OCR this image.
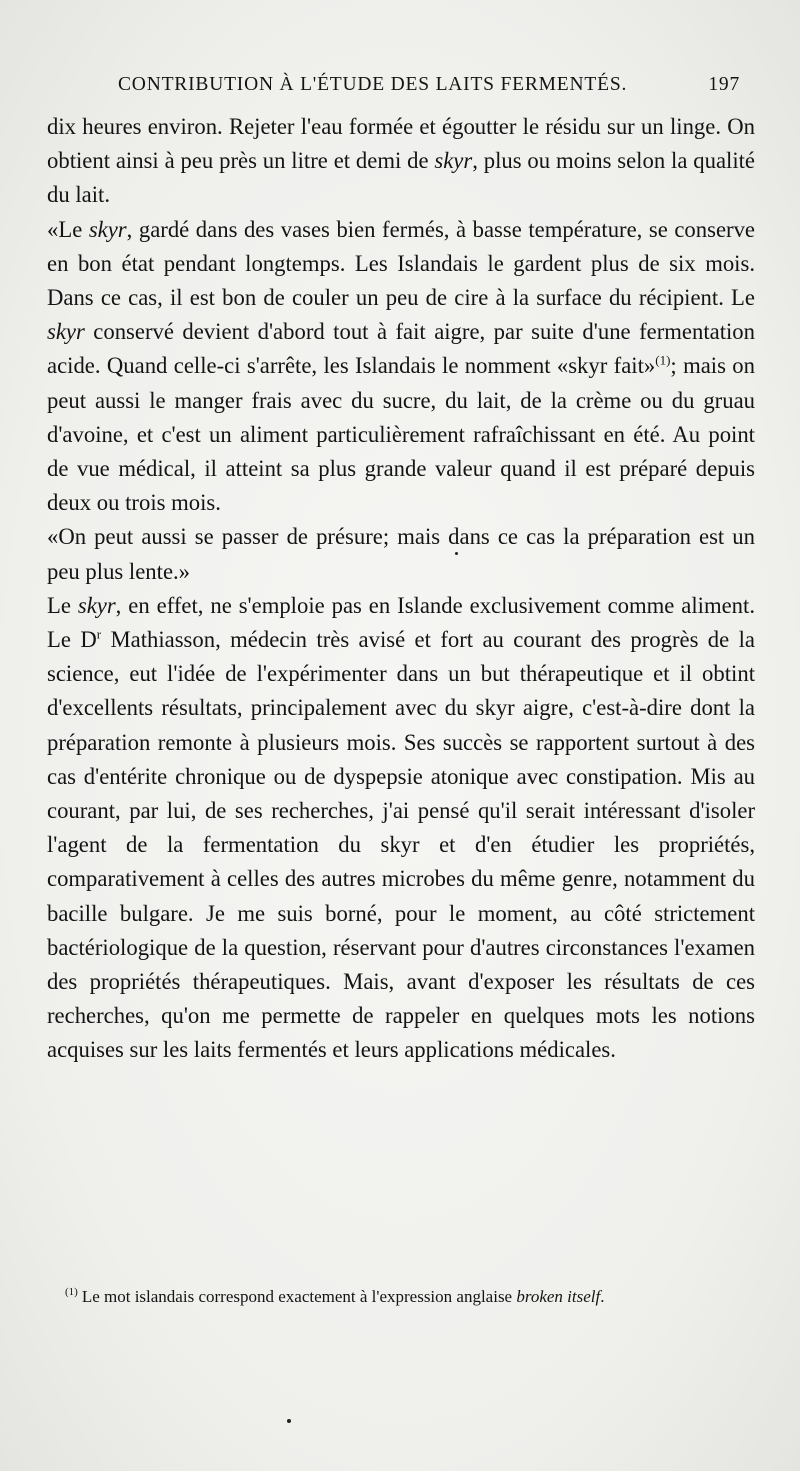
CONTRIBUTION À L'ÉTUDE DES LAITS FERMENTÉS.	197

dix heures environ. Rejeter l'eau formée et égoutter le résidu sur un linge. On obtient ainsi à peu près un litre et demi de skyr, plus ou moins selon la qualité du lait.

«Le skyr, gardé dans des vases bien fermés, à basse température, se conserve en bon état pendant longtemps. Les Islandais le gardent plus de six mois. Dans ce cas, il est bon de couler un peu de cire à la surface du récipient. Le skyr conservé devient d'abord tout à fait aigre, par suite d'une fermentation acide. Quand celle-ci s'arrête, les Islandais le nomment «skyr fait»$^{(1)}$; mais on peut aussi le manger frais avec du sucre, du lait, de la crème ou du gruau d'avoine, et c'est un aliment particulièrement rafraîchissant en été. Au point de vue médical, il atteint sa plus grande valeur quand il est préparé depuis deux ou trois mois.

«On peut aussi se passer de présure; mais dans ce cas la préparation est un peu plus lente.»

Le skyr, en effet, ne s'emploie pas en Islande exclusivement comme aliment. Le D$^r$ Mathiasson, médecin très avisé et fort au courant des progrès de la science, eut l'idée de l'expérimenter dans un but thérapeutique et il obtint d'excellents résultats, principalement avec du skyr aigre, c'est-à-dire dont la préparation remonte à plusieurs mois. Ses succès se rapportent surtout à des cas d'entérite chronique ou de dyspepsie atonique avec constipation. Mis au courant, par lui, de ses recherches, j'ai pensé qu'il serait intéressant d'isoler l'agent de la fermentation du skyr et d'en étudier les propriétés, comparativement à celles des autres microbes du même genre, notamment du bacille bulgare. Je me suis borné, pour le moment, au côté strictement bactériologique de la question, réservant pour d'autres circonstances l'examen des propriétés thérapeutiques. Mais, avant d'exposer les résultats de ces recherches, qu'on me permette de rappeler en quelques mots les notions acquises sur les laits fermentés et leurs applications médicales.

$^{(1)}$ Le mot islandais correspond exactement à l'expression anglaise broken itself.
